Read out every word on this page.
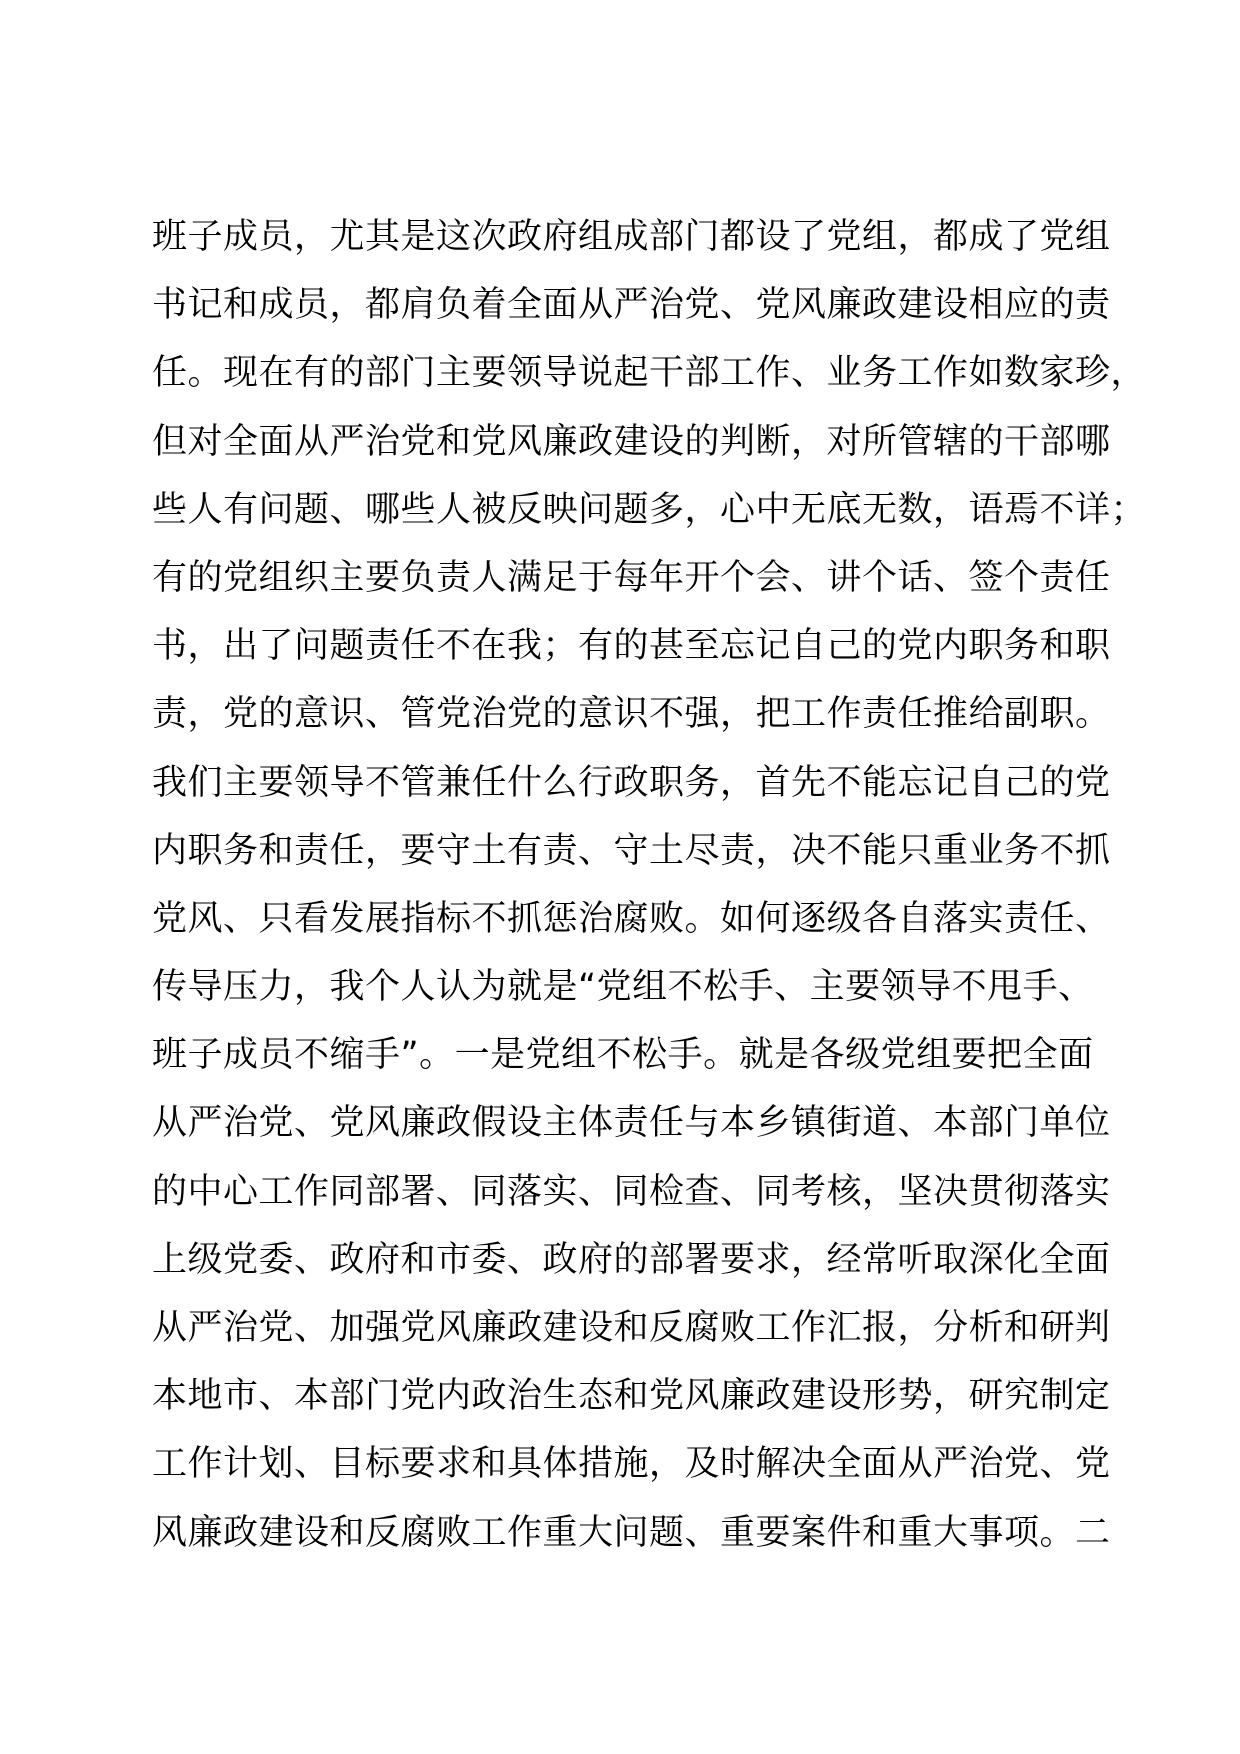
班子成员，尤其是这次政府组成部门都设了党组，都成了党组
书记和成员，都肩负着全面从严治党、党风廉政建设相应的责
任。现在有的部门主要领导说起干部工作、业务工作如数家珍，
但对全面从严治党和党风廉政建设的判断，对所管辖的干部哪
些人有问题、哪些人被反映问题多，心中无底无数，语焉不详；
有的党组织主要负责人满足于每年开个会、讲个话、签个责任
书，出了问题责任不在我；有的甚至忘记自己的党内职务和职
责，党的意识、管党治党的意识不强，把工作责任推给副职。
我们主要领导不管兼任什么行政职务，首先不能忘记自己的党
内职务和责任，要守土有责、守土尽责，决不能只重业务不抓
党风、只看发展指标不抓惩治腐败。如何逐级各自落实责任、
传导压力，我个人认为就是“党组不松手、主要领导不甩手、
班子成员不缩手”。一是党组不松手。就是各级党组要把全面
从严治党、党风廉政假设主体责任与本乡镇街道、本部门单位
的中心工作同部署、同落实、同检查、同考核，坚决贯彻落实
上级党委、政府和市委、政府的部署要求，经常听取深化全面
从严治党、加强党风廉政建设和反腐败工作汇报，分析和研判
本地市、本部门党内政治生态和党风廉政建设形势，研究制定
工作计划、目标要求和具体措施，及时解决全面从严治党、党
风廉政建设和反腐败工作重大问题、重要案件和重大事项。二
